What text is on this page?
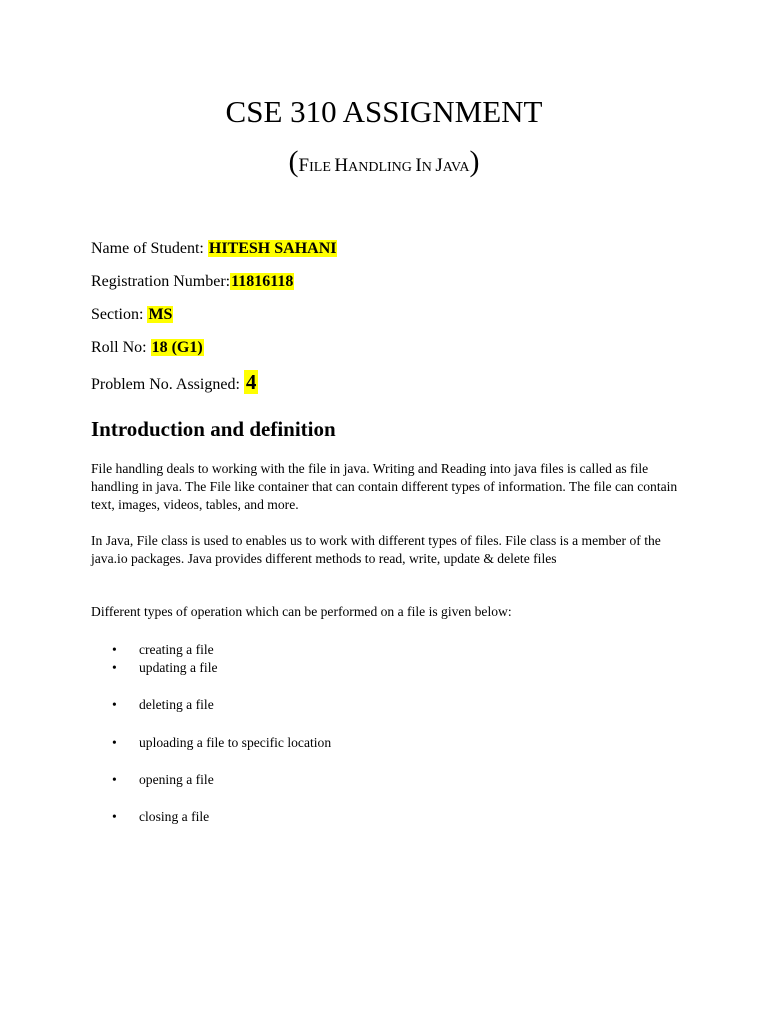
CSE 310 ASSIGNMENT
(FILE HANDLING IN JAVA)
Name of Student: HITESH SAHANI
Registration Number:11816118
Section: MS
Roll No: 18 (G1)
Problem No. Assigned: 4
Introduction and definition

File handling deals to working with the file in java. Writing and Reading into java files is called as file handling in java. The File like container that can contain different types of information. The file can contain text, images, videos, tables, and more.

In Java, File class is used to enables us to work with different types of files. File class is a member of the java.io packages. Java provides different methods to read, write, update & delete files

Different types of operation which can be performed on a file is given below:

•	creating a file
•	updating a file
•	deleting a file
•	uploading a file to specific location
•	opening a file
•	closing a file
